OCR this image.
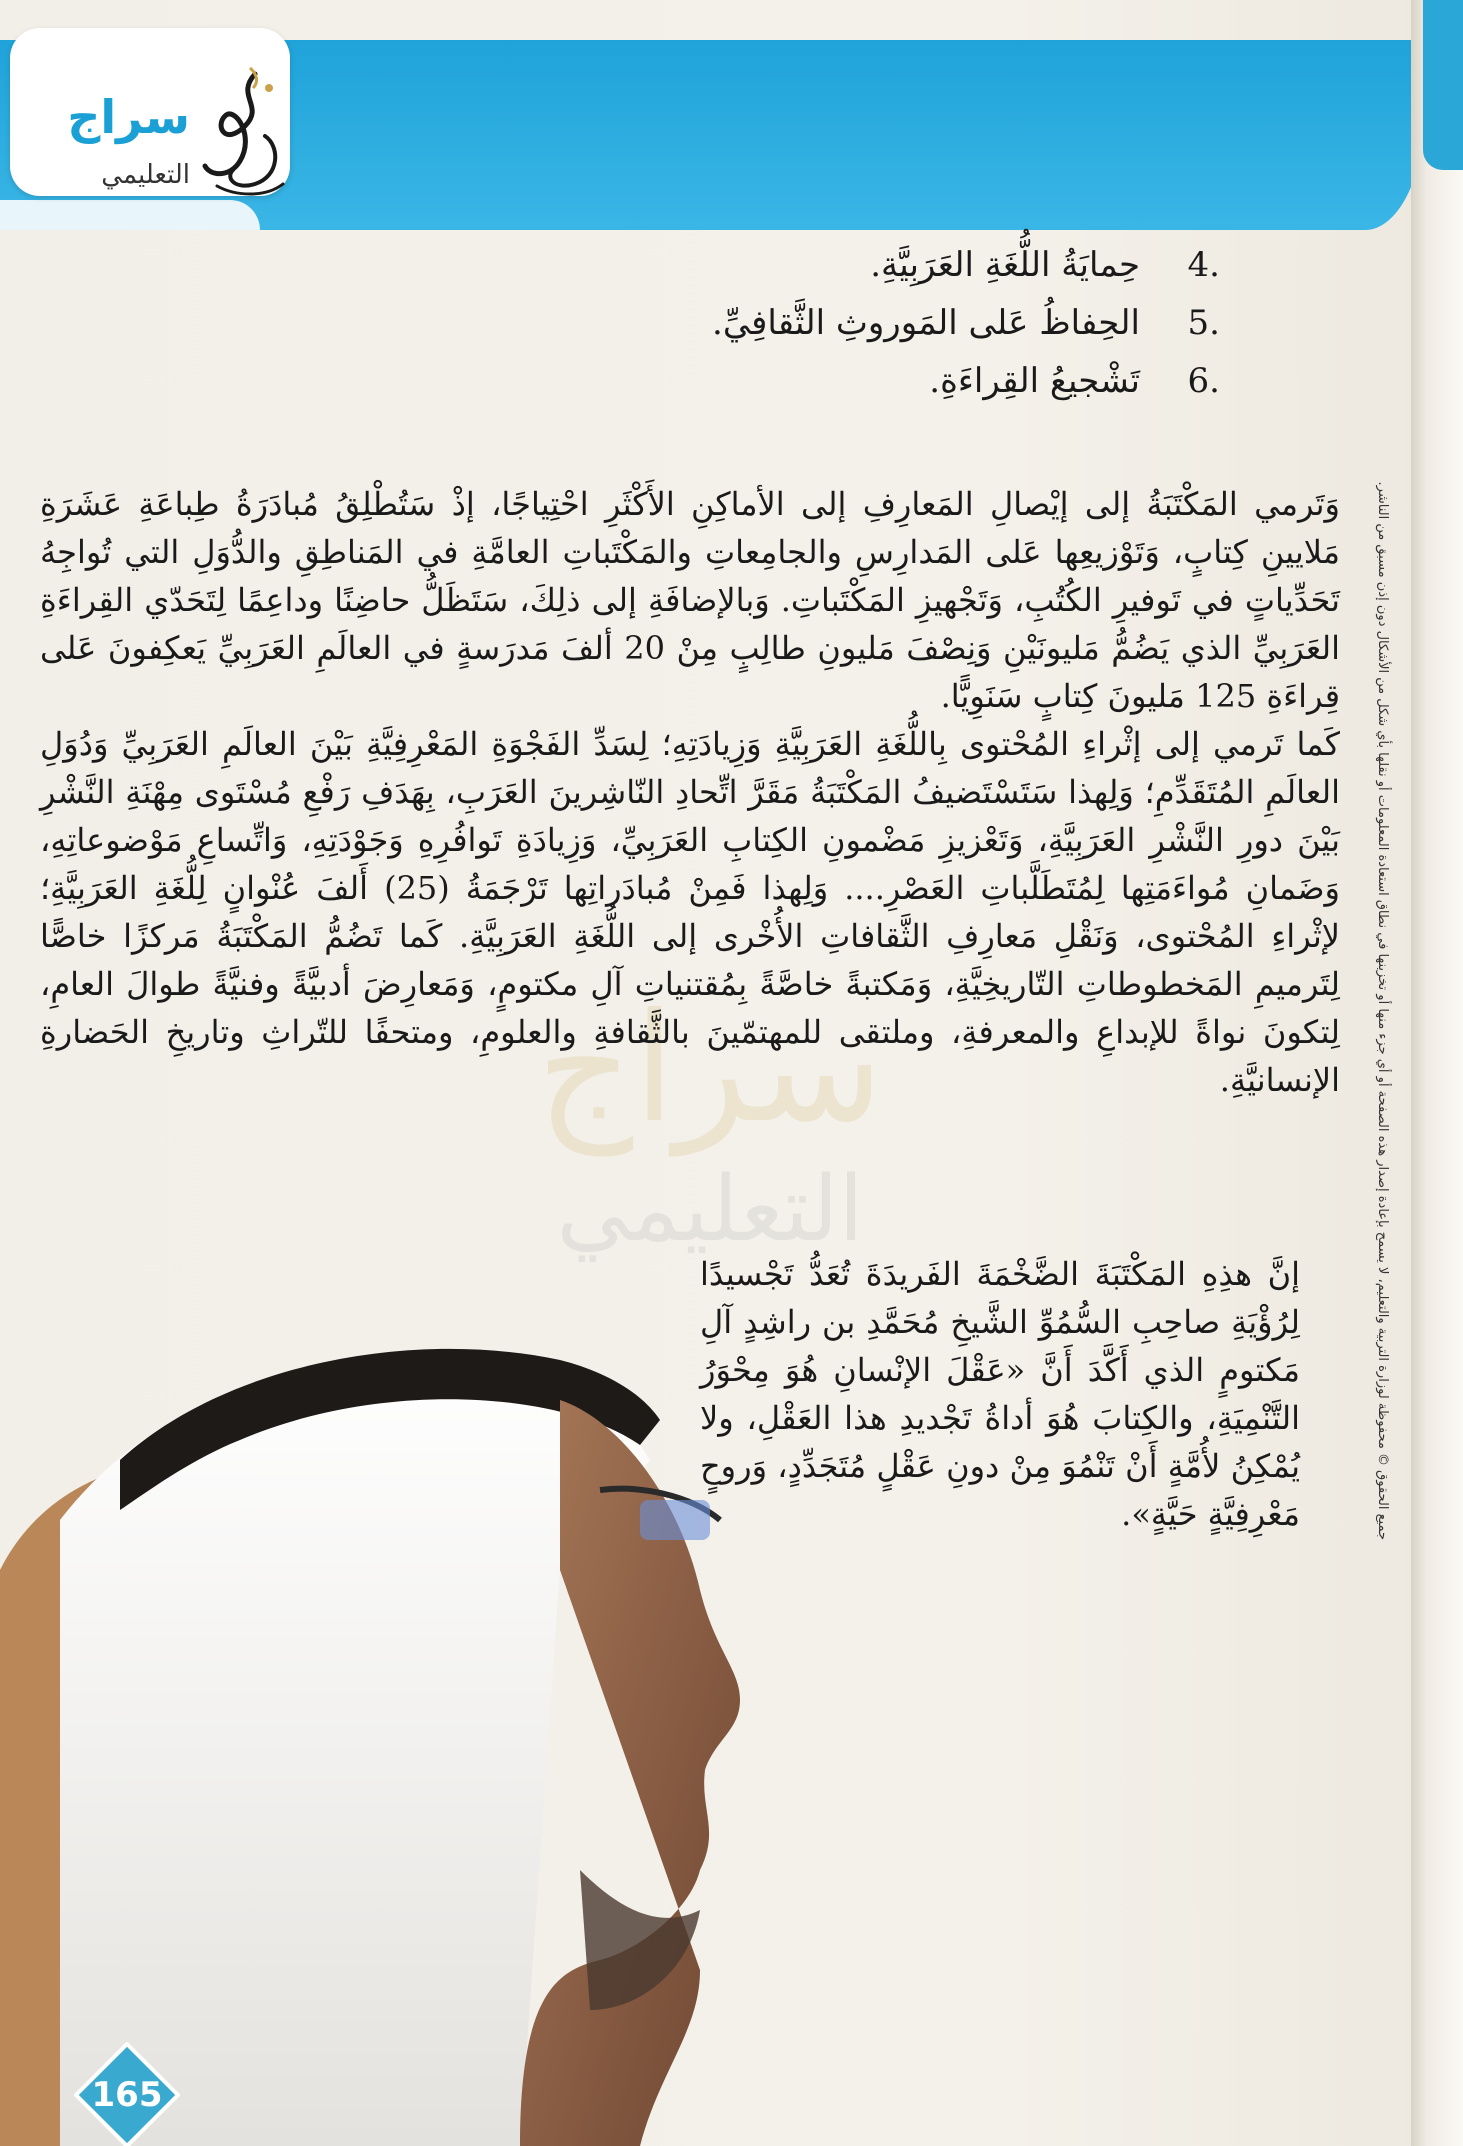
سراج
التعليمي
4.
حِمايَةُ اللُّغَةِ العَرَبِيَّةِ.
5.
الحِفاظُ عَلى المَوروثِ الثَّقافِيِّ.
6.
تَشْجيعُ القِراءَةِ.
سراج
التعليمي

وَتَرمي المَكْتَبَةُ إلى إيْصالِ المَعارِفِ إلى الأماكِنِ الأَكْثَرِ احْتِياجًا، إذْ سَتُطْلِقُ مُبادَرَةُ طِباعَةِ عَشَرَةِ مَلايينِ كِتابٍ، وَتَوْزيعِها عَلى المَدارِسِ والجامِعاتِ والمَكْتَباتِ العامَّةِ في المَناطِقِ والدُّوَلِ التي تُواجِهُ تَحَدِّياتٍ في تَوفيرِ الكُتُبِ، وَتَجْهيزِ المَكْتَباتِ. وَبالإضافَةِ إلى ذلِكَ، سَتَظَلُّ حاضِنًا وداعِمًا لِتَحَدّي القِراءَةِ العَرَبِيِّ الذي يَضُمُّ مَليونَيْنِ وَنِصْفَ مَليونِ طالِبٍ مِنْ 20 ألفَ مَدرَسةٍ في العالَمِ العَرَبِيِّ يَعكِفونَ عَلى قِراءَةِ 125 مَليونَ كِتابٍ سَنَوِيًّا.

كَما تَرمي إلى إثْراءِ المُحْتوى بِاللُّغَةِ العَرَبِيَّةِ وَزِيادَتِهِ؛ لِسَدِّ الفَجْوَةِ المَعْرِفِيَّةِ بَيْنَ العالَمِ العَرَبِيِّ وَدُوَلِ العالَمِ المُتَقَدِّمِ؛ وَلِهذا سَتَسْتَضيفُ المَكْتَبَةُ مَقَرَّ اتِّحادِ النّاشِرينَ العَرَبِ، بِهَدَفِ رَفْعِ مُسْتَوى مِهْنَةِ النَّشْرِ بَيْنَ دورِ النَّشْرِ العَرَبِيَّةِ، وَتَعْزيزِ مَضْمونِ الكِتابِ العَرَبِيِّ، وَزِيادَةِ تَوافُرِهِ وَجَوْدَتِهِ، وَاتِّساعِ مَوْضوعاتِهِ، وَضَمانِ مُواءَمَتِها لِمُتَطَلَّباتِ العَصْرِ.... وَلِهذا فَمِنْ مُبادَراتِها تَرْجَمَةُ (25) أَلفَ عُنْوانٍ لِلُّغَةِ العَرَبِيَّةِ؛ لإثْراءِ المُحْتوى، وَنَقْلِ مَعارِفِ الثَّقافاتِ الأُخْرى إلى اللُّغَةِ العَرَبِيَّةِ. كَما تَضُمُّ المَكْتَبَةُ مَركزًا خاصًّا لِتَرميمِ المَخطوطاتِ التّاريخِيَّةِ، وَمَكتبةً خاصَّةً بِمُقتنياتِ آلِ مكتومٍ، وَمَعارِضَ أدبيَّةً وفنيَّةً طوالَ العامِ، لِتكونَ نواةً للإبداعِ والمعرفةِ، وملتقى للمهتمّينَ بالثَّقافةِ والعلومِ، ومتحفًا للتّراثِ وتاريخِ الحَضارةِ الإنسانيَّةِ.

إنَّ هذِهِ المَكْتَبَةَ الضَّخْمَةَ الفَريدَةَ تُعَدُّ تَجْسيدًا لِرُؤْيَةِ صاحِبِ السُّمُوِّ الشَّيخِ مُحَمَّدِ بن راشِدٍ آلِ مَكتومٍ الذي أَكَّدَ أَنَّ «عَقْلَ الإنْسانِ هُوَ مِحْوَرُ التَّنْمِيَةِ، والكِتابَ هُوَ أداةُ تَجْديدِ هذا العَقْلِ، ولا يُمْكِنُ لأُمَّةٍ أَنْ تَنْمُوَ مِنْ دونِ عَقْلٍ مُتَجَدِّدٍ، وَروحٍ مَعْرِفِيَّةٍ حَيَّةٍ».
165
جميع الحقوق © محفوظة لوزارة التربية والتعليم، لا يسمح بإعادة إصدار هذه الصفحة أو أي جزء منها أو تخزينها في نطاق استعادة المعلومات أو نقلها بأي شكل من الأشكال دون إذن مسبق من الناشر.
